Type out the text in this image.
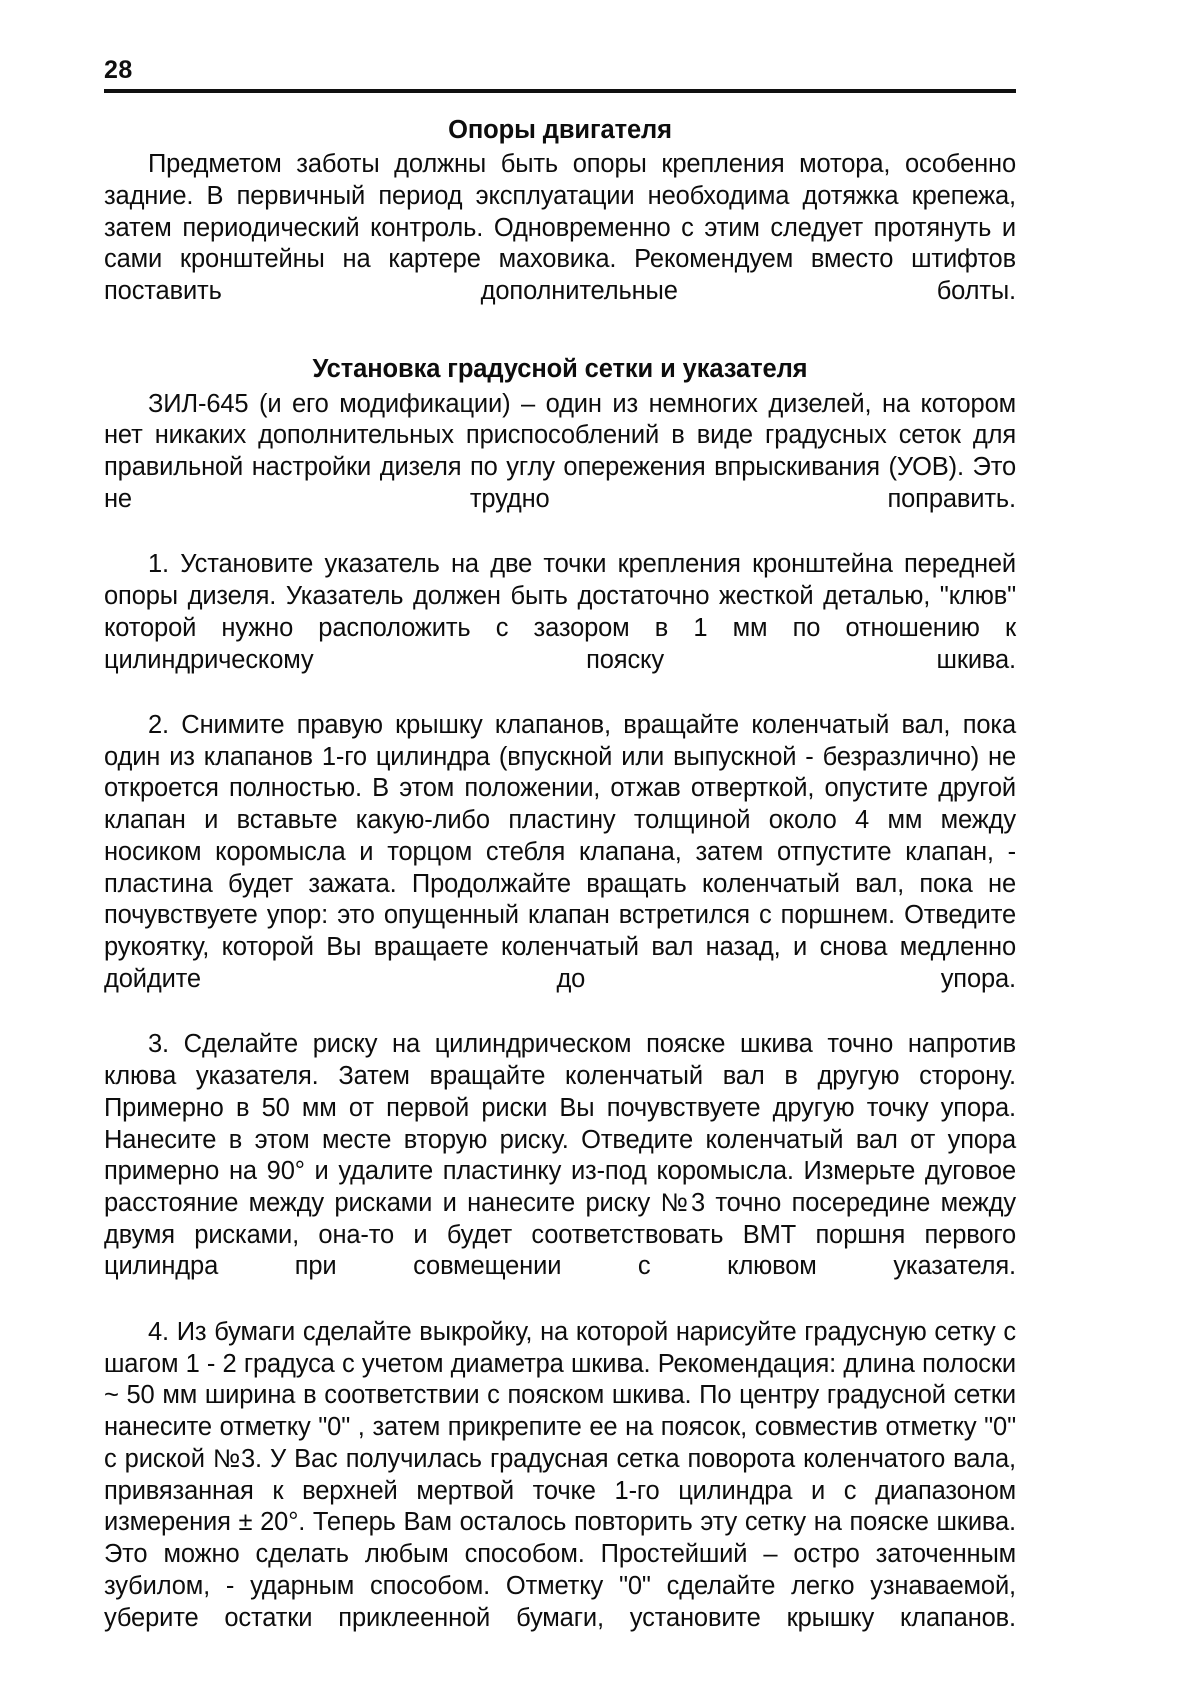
28
Опоры двигателя

Предметом заботы должны быть опоры крепления мотора, особенно задние. В первичный период эксплуатации необходима дотяжка крепежа, затем периодический контроль. Одновременно с этим следует протянуть и сами кронштейны на картере маховика. Рекомендуем вместо штифтов поставить дополнительные болты.

Установка градусной сетки и указателя

ЗИЛ-645 (и его модификации) – один из немногих дизелей, на котором нет никаких дополнительных приспособлений в виде градусных сеток для правильной настройки дизеля по углу опережения впрыскивания (УОВ). Это не трудно поправить.

1. Установите указатель на две точки крепления кронштейна передней опоры дизеля. Указатель должен быть достаточно жесткой деталью, "клюв" которой нужно расположить с зазором в 1 мм по отношению к цилиндрическому пояску шкива.

2. Снимите правую крышку клапанов, вращайте коленчатый вал, пока один из клапанов 1-го цилиндра (впускной или выпускной - безразлично) не откроется полностью. В этом положении, отжав отверткой, опустите другой клапан и вставьте какую-либо пластину толщиной около 4 мм между носиком коромысла и торцом стебля клапана, затем отпустите клапан, - пластина будет зажата. Продолжайте вращать коленчатый вал, пока не почувствуете упор: это опущенный клапан встретился с поршнем. Отведите рукоятку, которой Вы вращаете коленчатый вал назад, и снова медленно дойдите до упора.

3. Сделайте риску на цилиндрическом пояске шкива точно напротив клюва указателя. Затем вращайте коленчатый вал в другую сторону. Примерно в 50 мм от первой риски Вы почувствуете другую точку упора. Нанесите в этом месте вторую риску. Отведите коленчатый вал от упора примерно на 90° и удалите пластинку из-под коромысла. Измерьте дуговое расстояние между рисками и нанесите риску №3 точно посередине между двумя рисками, она-то и будет соответствовать ВМТ поршня первого цилиндра при совмещении с клювом указателя.

4. Из бумаги сделайте выкройку, на которой нарисуйте градусную сетку с шагом 1 - 2 градуса с учетом диаметра шкива. Рекомендация: длина полоски ~ 50 мм ширина в соответствии с пояском шкива. По центру градусной сетки нанесите отметку "0" , затем прикрепите ее на поясок, совместив отметку "0" с риской №3. У Вас получилась градусная сетка поворота коленчатого вала, привязанная к верхней мертвой точке 1-го цилиндра и с диапазоном измерения ± 20°. Теперь Вам осталось повторить эту сетку на пояске шкива. Это можно сделать любым способом. Простейший – остро заточенным зубилом, - ударным способом. Отметку "0" сделайте легко узнаваемой, уберите остатки приклеенной бумаги, установите крышку клапанов.
